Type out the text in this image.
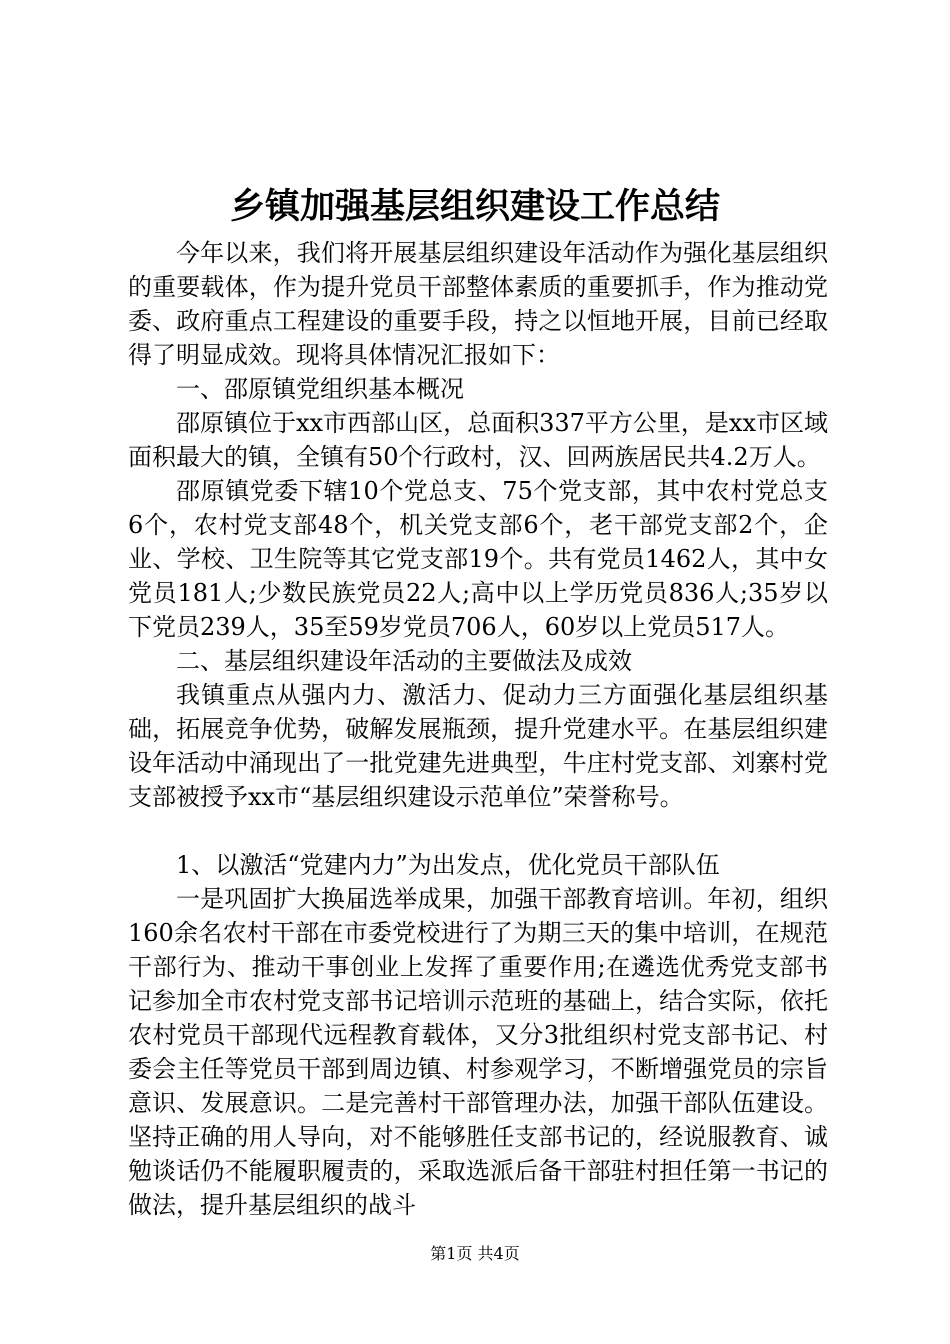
乡镇加强基层组织建设工作总结

今年以来，我们将开展基层组织建设年活动作为强化基层组织的重要载体，作为提升党员干部整体素质的重要抓手，作为推动党委、政府重点工程建设的重要手段，持之以恒地开展，目前已经取得了明显成效。现将具体情况汇报如下：

一、邵原镇党组织基本概况

邵原镇位于xx市西部山区，总面积337平方公里，是xx市区域面积最大的镇，全镇有50个行政村，汉、回两族居民共4.2万人。

邵原镇党委下辖10个党总支、75个党支部，其中农村党总支6个，农村党支部48个，机关党支部6个，老干部党支部2个，企业、学校、卫生院等其它党支部19个。共有党员1462人，其中女党员181人;少数民族党员22人;高中以上学历党员836人;35岁以下党员239人，35至59岁党员706人，60岁以上党员517人。

二、基层组织建设年活动的主要做法及成效

我镇重点从强内力、激活力、促动力三方面强化基层组织基础，拓展竞争优势，破解发展瓶颈，提升党建水平。在基层组织建设年活动中涌现出了一批党建先进典型，牛庄村党支部、刘寨村党支部被授予xx市“基层组织建设示范单位”荣誉称号。

1、以激活“党建内力”为出发点，优化党员干部队伍

一是巩固扩大换届选举成果，加强干部教育培训。年初，组织160余名农村干部在市委党校进行了为期三天的集中培训，在规范干部行为、推动干事创业上发挥了重要作用;在遴选优秀党支部书记参加全市农村党支部书记培训示范班的基础上，结合实际，依托农村党员干部现代远程教育载体，又分3批组织村党支部书记、村委会主任等党员干部到周边镇、村参观学习，不断增强党员的宗旨意识、发展意识。二是完善村干部管理办法，加强干部队伍建设。坚持正确的用人导向，对不能够胜任支部书记的，经说服教育、诚勉谈话仍不能履职履责的，采取选派后备干部驻村担任第一书记的做法，提升基层组织的战斗

第1页 共4页
